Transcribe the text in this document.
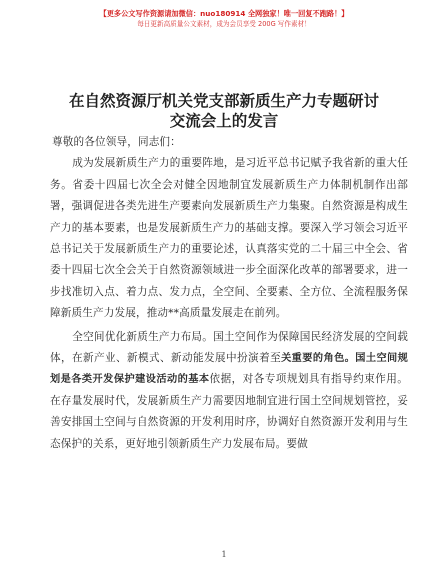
【更多公文写作资源请加微信：nuo180914 全网独家！唯一回复不跑路！】
每日更新高质量公文素材，成为会员享受 200G 写作素材！
在自然资源厅机关党支部新质生产力专题研讨
交流会上的发言

尊敬的各位领导，同志们：

成为发展新质生产力的重要阵地，是习近平总书记赋予我省新的重大任务。省委十四届七次全会对健全因地制宜发展新质生产力体制机制作出部署，强调促进各类先进生产要素向发展新质生产力集聚。自然资源是构成生产力的基本要素，也是发展新质生产力的基础支撑。要深入学习领会习近平总书记关于发展新质生产力的重要论述，认真落实党的二十届三中全会、省委十四届七次全会关于自然资源领域进一步全面深化改革的部署要求，进一步找准切入点、着力点、发力点，全空间、全要素、全方位、全流程服务保障新质生产力发展，推动**高质量发展走在前列。

全空间优化新质生产力布局。国土空间作为保障国民经济发展的空间载体，在新产业、新模式、新动能发展中扮演着至关重要的角色。国土空间规划是各类开发保护建设活动的基本依据，对各专项规划具有指导约束作用。在存量发展时代，发展新质生产力需要因地制宜进行国土空间规划管控，妥善安排国土空间与自然资源的开发利用时序，协调好自然资源开发利用与生态保护的关系，更好地引领新质生产力发展布局。要做

1
